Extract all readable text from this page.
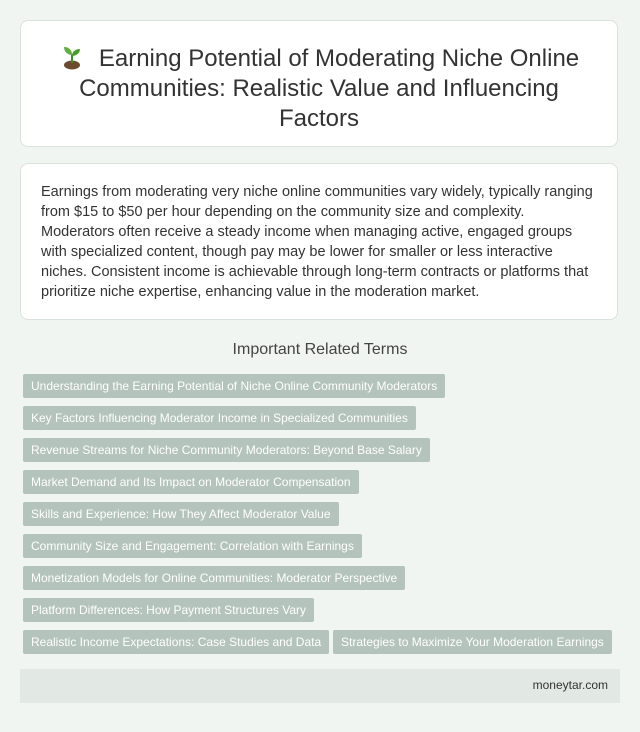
Earning Potential of Moderating Niche Online Communities: Realistic Value and Influencing Factors

Earnings from moderating very niche online communities vary widely, typically ranging from $15 to $50 per hour depending on the community size and complexity. Moderators often receive a steady income when managing active, engaged groups with specialized content, though pay may be lower for smaller or less interactive niches. Consistent income is achievable through long-term contracts or platforms that prioritize niche expertise, enhancing value in the moderation market.

Important Related Terms
Understanding the Earning Potential of Niche Online Community Moderators
Key Factors Influencing Moderator Income in Specialized Communities
Revenue Streams for Niche Community Moderators: Beyond Base Salary
Market Demand and Its Impact on Moderator Compensation
Skills and Experience: How They Affect Moderator Value
Community Size and Engagement: Correlation with Earnings
Monetization Models for Online Communities: Moderator Perspective
Platform Differences: How Payment Structures Vary
Realistic Income Expectations: Case Studies and Data	Strategies to Maximize Your Moderation Earnings
moneytar.com
